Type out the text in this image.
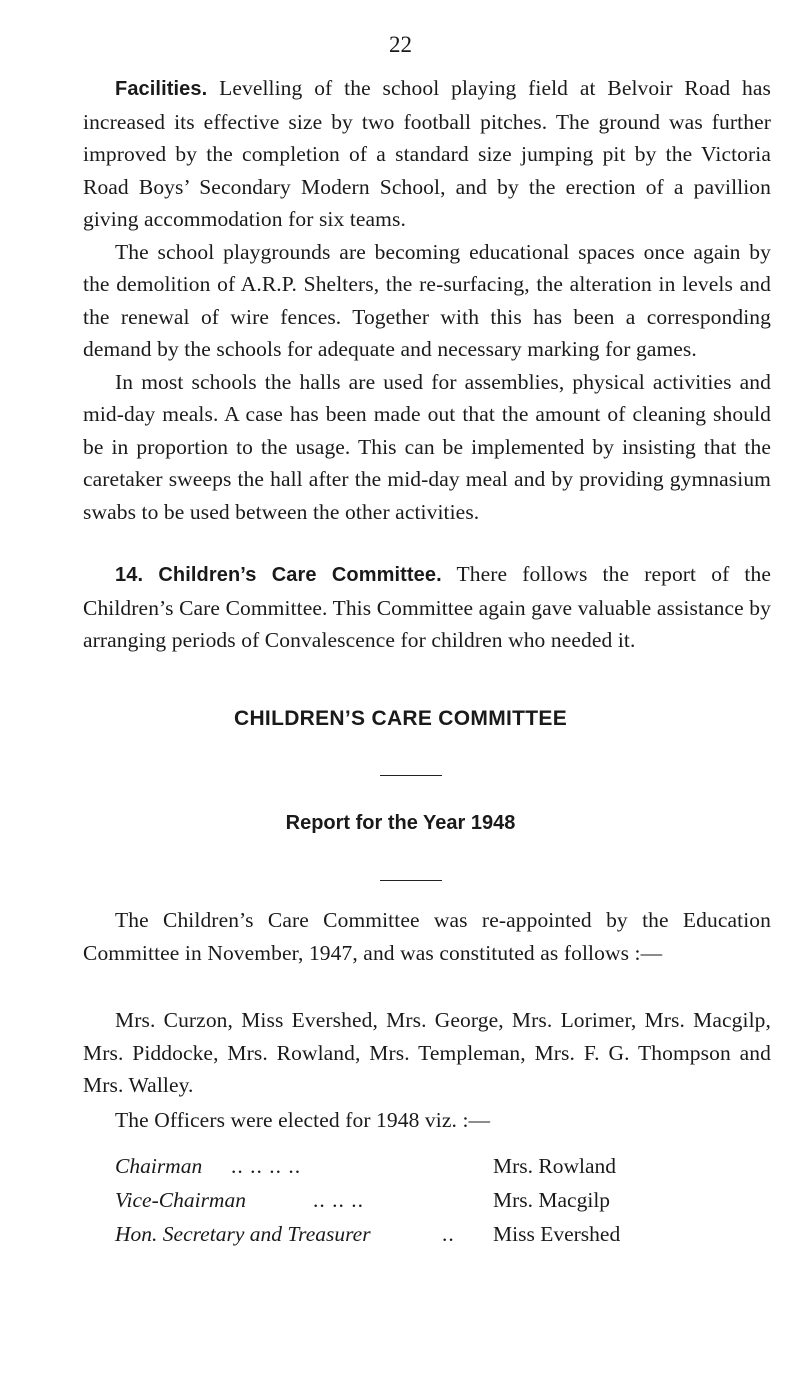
22

Facilities. Levelling of the school playing field at Belvoir Road has increased its effective size by two football pitches. The ground was further improved by the completion of a standard size jumping pit by the Victoria Road Boys’ Secondary Modern School, and by the erection of a pavillion giving accommodation for six teams.

The school playgrounds are becoming educational spaces once again by the demolition of A.R.P. Shelters, the re-surfacing, the alteration in levels and the renewal of wire fences. Together with this has been a corresponding demand by the schools for adequate and necessary marking for games.

In most schools the halls are used for assemblies, physical activities and mid-day meals. A case has been made out that the amount of cleaning should be in proportion to the usage. This can be implemented by insisting that the caretaker sweeps the hall after the mid-day meal and by providing gymnasium swabs to be used between the other activities.

14. Children’s Care Committee. There follows the report of the Children’s Care Committee. This Committee again gave valuable assistance by arranging periods of Convalescence for children who needed it.

CHILDREN’S CARE COMMITTEE
Report for the Year 1948

The Children’s Care Committee was re-appointed by the Education Committee in November, 1947, and was constituted as follows :—

Mrs. Curzon, Miss Evershed, Mrs. George, Mrs. Lorimer, Mrs. Macgilp, Mrs. Piddocke, Mrs. Rowland, Mrs. Templeman, Mrs. F. G. Thompson and Mrs. Walley.

The Officers were elected for 1948 viz. :—

Chairman .. .. .. ..	Mrs. Rowland
Vice-Chairman	.. .. ..	Mrs. Macgilp
Hon. Secretary and Treasurer	.. Miss Evershed
